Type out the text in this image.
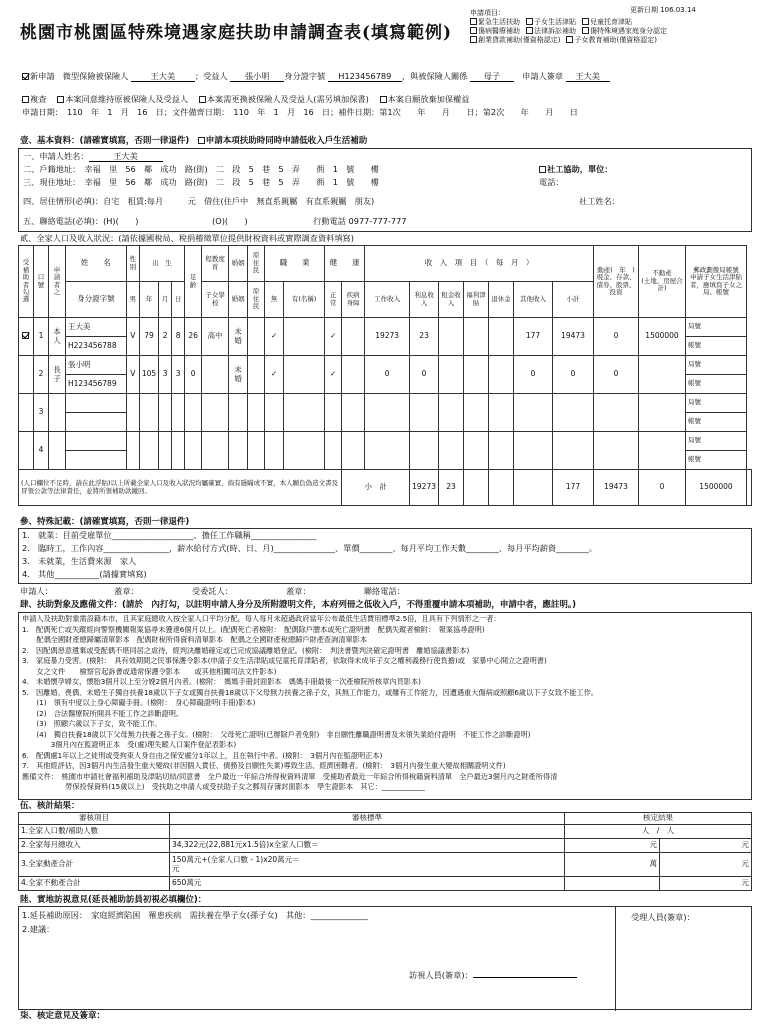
更新日期 106.03.14
申請項目：
緊急生活扶助	子女生活津貼	兒童托育津貼
傷病醫療補助	法律訴訟補助	傷特殊境遇家庭身分認定
創業貸款補助(僅資格認定)	子女教育補助(僅資格認定)
桃園市桃園區特殊境遇家庭扶助申請調查表(填寫範例)
新申請　微型保險被保險人	王大美 ；受益人 張小明 身分證字號 H123456789 ，與被保險人關係 母子　	申請人簽章 王大美
複查　 本案同意維持原被保險人及受益人　 本案需更換被保險人及受益人(需另填加保書)　 本案自願放棄加保權益
申請日期：　110　年　1　月　16　日；文件備齊日期：　110　年　1　月　16　日；補件日期：第1次　　年　　月　　日；第2次　　年　　月　　日
壹、基本資料：(請確實填寫，否則一律退件)　 申請本項扶助時同時申請低收入戶生活補助
一、申請人姓名：	王大美
二、戶籍地址：　幸福　里　56　鄰　成功　路(街)　二　段　5　巷　5　弄　　衖　1　號　　樓	社工協助，單位：
三、現住地址：　幸福　里　56　鄰　成功　路(街)　二　段　5　巷　5　弄　　衖　1　號　　樓	電話：
四、居住情形(必填)：自宅　租賃:每月　　　元　借住(住戶中　無直系親屬　有直系親屬　朋友)	社工姓名：
五、聯絡電話(必填)：(H)(　　)　　　　　　　　　(O)(　　)　　　　　　　　行動電話 0977-777-777
貳、全家人口及收入狀況：(請依據國稅局、稅捐稽徵單位提供財稅資料或實際調查資料填寫)
受補助者勾選	口號	申請者之	姓　　名	性別	出　生			足齡	程教度育	婚姻	原住民	職　　業		健　　康		收　入　項　目　（　每　月　）							動產(　年　)
現金、存款、債券、股票、投資	不動產
(土地、房屋合計)	郵政劃撥局帳號
申請子女生活津貼者，應填寫子女之局、帳號	
			身分證字號	男	年	月	日		子女學校	婚姻	原住民	無	有(名稱)	正常	疾病身障	工作收入	利息收入	租金收入	福利津貼	退休金	其他收入	小計				
	1	本人	王大美	V	79	2	8	26	高中	未婚		✓		✓		19273	23				177	19473	0	1500000	局號	
			H223456788																						帳號	
	2	長子	張小明	V	105	3	3	0		未婚		✓		✓		0	0				0	0	0		局號	
			H123456789																						帳號	
	3																								局號	
																									帳號	
	4																								局號	
																									帳號	
(人口欄位不足時，請在此浮貼)以上所載全家人口及收入狀況均屬確實，倘有隱瞞或不實，本人願負偽造文書及冒領公款等法律責任，並將所領補助款繳回。															小　計		19273	23				177	19473	0	1500000	
參、特殊記載：(請確實填寫，否則一律退件)
1.　就業：目前受雇單位____________________、擔任工作職稱________________
2.　臨時工，工作內容________________，薪水給付方式(時、日、月)_______________、單價________、每月平均工作天數________、每月平均薪資________。
3.　未就業，生活費來源　家人
4.　其他___________(請據實填寫)
申請人：　　　　　　　　蓋章：　　　　　　　受委託人：　　　　　　　蓋章：　　　　　　　聯絡電話：
肆、扶助對象及應備文件：(請於　內打勾，以註明申請人身分及所附證明文件，本府列冊之低收入戶，不得重覆申請本項補助，申請中者，應註明。)
申請人及扶助對象需設籍本市，且其家庭總收入按全家人口平均分配，每人每月未超過政府當年公布最低生活費用標準2.5倍，且具有下列情形之一者：
1.　配偶死亡或失蹤經向警察機關報案協尋未獲達6個月以上。(配偶死亡者檢附：　配偶除戶謄本或死亡證明書　配偶失蹤者檢附：　報案協尋證明)
　　配偶全國財產總歸屬清單影本　配偶財稅所得資料清單影本　配偶之全國財產稅總歸戶財產查詢清單影本
2.　因配偶惡意遺棄或受配偶不堪同居之虐待，經判決離婚確定或已完成協議離婚登記。(檢附：　判決書暨判決確定證明書　離婚協議書影本)
3.　家庭暴力受害。(檢附：　具有效期間之民事保護令影本(申請子女生活津貼或兒童托育津貼者，依取得未成年子女之權利義務行使負擔)或　家暴中心開立之證明書)
　　女之文件　　檢察官起訴書或通常保護令影本　　或其他相關司法文件影本)
4.　未婚懷孕婦女，懷胎3個月以上至分娩2個月內者。(檢附：　媽媽手冊封面影本　媽媽手冊最後一次產檢院所核章內頁影本)
5.　因離婚、喪偶、未婚生子獨自扶養18歲以下子女或獨自扶養18歲以下父母無力扶養之孫子女，其無工作能力，或雖有工作能力，因遭遇重大傷病或照顧6歲以下子女致不能工作。
　　(1)　領有中度以上身心障礙手冊。(檢附：　身心障礙證明(手冊)影本)
　　(2)　合法醫療院所開具不能工作之診斷證明。
　　(3)　照顧六歲以下子女，致不能工作。
　　(4)　獨自扶養18歲以下父母無力扶養之孫子女。(檢附：　父母死亡證明(已辦除戶者免附)　非自願性離職證明書及未領失業給付證明　不能工作之診斷證明)
　　　　3個月內在監證明正本　受(處)理失蹤人口案件登記表影本)
6.　配偶處1年以上之徒刑或受拘束人身自由之保安處分1年以上，且在執行中者。(檢附：　3個月內在監證明正本)
7.　其他經評估，因3個月內生活發生重大變故(非因個人責任、債務及自願性失業)導致生活、經濟困難者。(檢附：　3個月內發生重大變故相關證明文件)
應備文件：　桃園市申請社會福利補助及津貼切結/同意書　全戶最近一年綜合所得稅資料清單　受補助者最近一年綜合所得稅籍資料清單　全戶最近3個月內之財產所得清
　　　　　　勞保投保資料(15歲以上)　受扶助之申請人或受扶助子女之郵局存簿封面影本　學生證影本　其它：____________
伍、核計結果：
審核項目	審核標準	核定結果	
1.全家人口數/補助人數		人　/　人	
2.全家每月總收入	34,322元(22,881元x1.5倍)x全家人口數＝	元	元
3.全家動產合計	150萬元+(全家人口數 - 1)x20萬元＝
元	萬	元
4.全家不動產合計	650萬元		元
陸、實地訪視意見(延長補助訪員初視必填欄位)：
1.延長補助原因：　家庭經濟陷困　罹患疾病　需扶養在學子女(孫子女)　其他：______________
2.建議：
訪視人員(簽章)：
受理人員(簽章)：
柒、核定意見及簽章：
